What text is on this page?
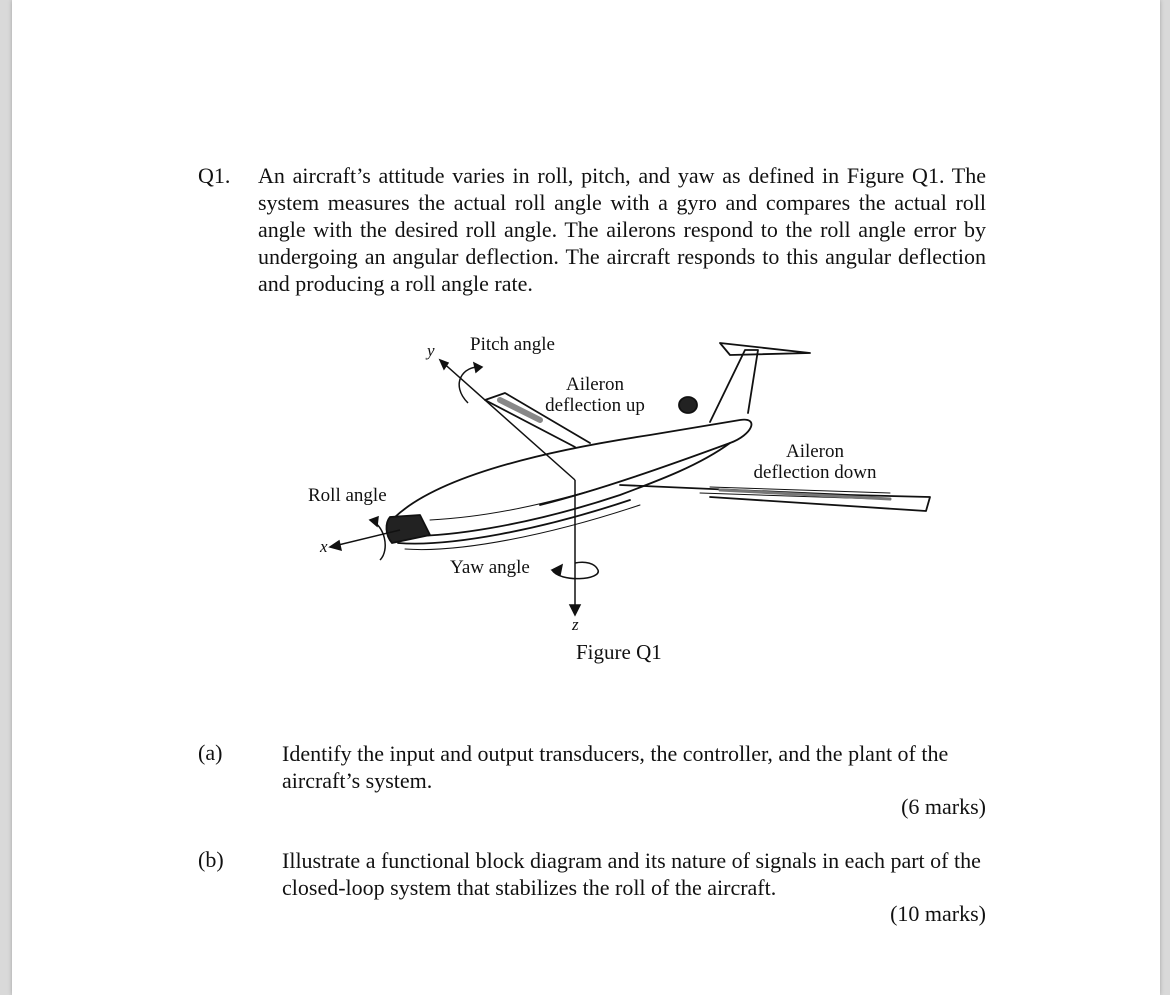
Q1. An aircraft’s attitude varies in roll, pitch, and yaw as defined in Figure Q1. The system measures the actual roll angle with a gyro and compares the actual roll angle with the desired roll angle. The ailerons respond to the roll angle error by undergoing an angular deflection. The aircraft responds to this angular deflection and producing a roll angle rate.
Pitch angle
Aileron
deflection up
Aileron
deflection down
Roll angle
Yaw angle
x
y
z
Figure Q1
(a)	Identify the input and output transducers, the controller, and the plant of the aircraft’s system.
(6 marks)
(b)	Illustrate a functional block diagram and its nature of signals in each part of the closed-loop system that stabilizes the roll of the aircraft.
(10 marks)
